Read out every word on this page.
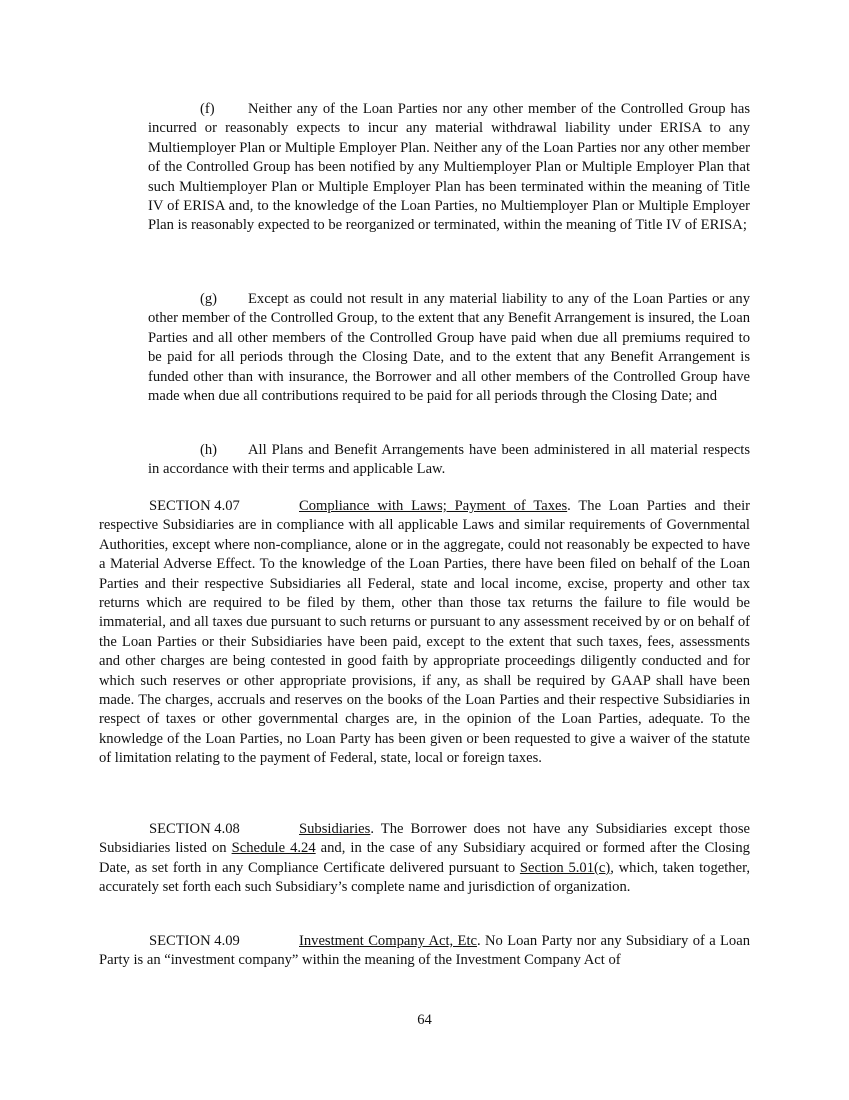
(f) Neither any of the Loan Parties nor any other member of the Controlled Group has incurred or reasonably expects to incur any material withdrawal liability under ERISA to any Multiemployer Plan or Multiple Employer Plan. Neither any of the Loan Parties nor any other member of the Controlled Group has been notified by any Multiemployer Plan or Multiple Employer Plan that such Multiemployer Plan or Multiple Employer Plan has been terminated within the meaning of Title IV of ERISA and, to the knowledge of the Loan Parties, no Multiemployer Plan or Multiple Employer Plan is reasonably expected to be reorganized or terminated, within the meaning of Title IV of ERISA;

(g) Except as could not result in any material liability to any of the Loan Parties or any other member of the Controlled Group, to the extent that any Benefit Arrangement is insured, the Loan Parties and all other members of the Controlled Group have paid when due all premiums required to be paid for all periods through the Closing Date, and to the extent that any Benefit Arrangement is funded other than with insurance, the Borrower and all other members of the Controlled Group have made when due all contributions required to be paid for all periods through the Closing Date; and

(h) All Plans and Benefit Arrangements have been administered in all material respects in accordance with their terms and applicable Law.

SECTION 4.07	Compliance with Laws; Payment of Taxes. The Loan Parties and their respective Subsidiaries are in compliance with all applicable Laws and similar requirements of Governmental Authorities, except where non-compliance, alone or in the aggregate, could not reasonably be expected to have a Material Adverse Effect. To the knowledge of the Loan Parties, there have been filed on behalf of the Loan Parties and their respective Subsidiaries all Federal, state and local income, excise, property and other tax returns which are required to be filed by them, other than those tax returns the failure to file would be immaterial, and all taxes due pursuant to such returns or pursuant to any assessment received by or on behalf of the Loan Parties or their Subsidiaries have been paid, except to the extent that such taxes, fees, assessments and other charges are being contested in good faith by appropriate proceedings diligently conducted and for which such reserves or other appropriate provisions, if any, as shall be required by GAAP shall have been made. The charges, accruals and reserves on the books of the Loan Parties and their respective Subsidiaries in respect of taxes or other governmental charges are, in the opinion of the Loan Parties, adequate. To the knowledge of the Loan Parties, no Loan Party has been given or been requested to give a waiver of the statute of limitation relating to the payment of Federal, state, local or foreign taxes.

SECTION 4.08	Subsidiaries. The Borrower does not have any Subsidiaries except those Subsidiaries listed on Schedule 4.24 and, in the case of any Subsidiary acquired or formed after the Closing Date, as set forth in any Compliance Certificate delivered pursuant to Section 5.01(c), which, taken together, accurately set forth each such Subsidiary’s complete name and jurisdiction of organization.

SECTION 4.09	Investment Company Act, Etc. No Loan Party nor any Subsidiary of a Loan Party is an “investment company” within the meaning of the Investment Company Act of

64
